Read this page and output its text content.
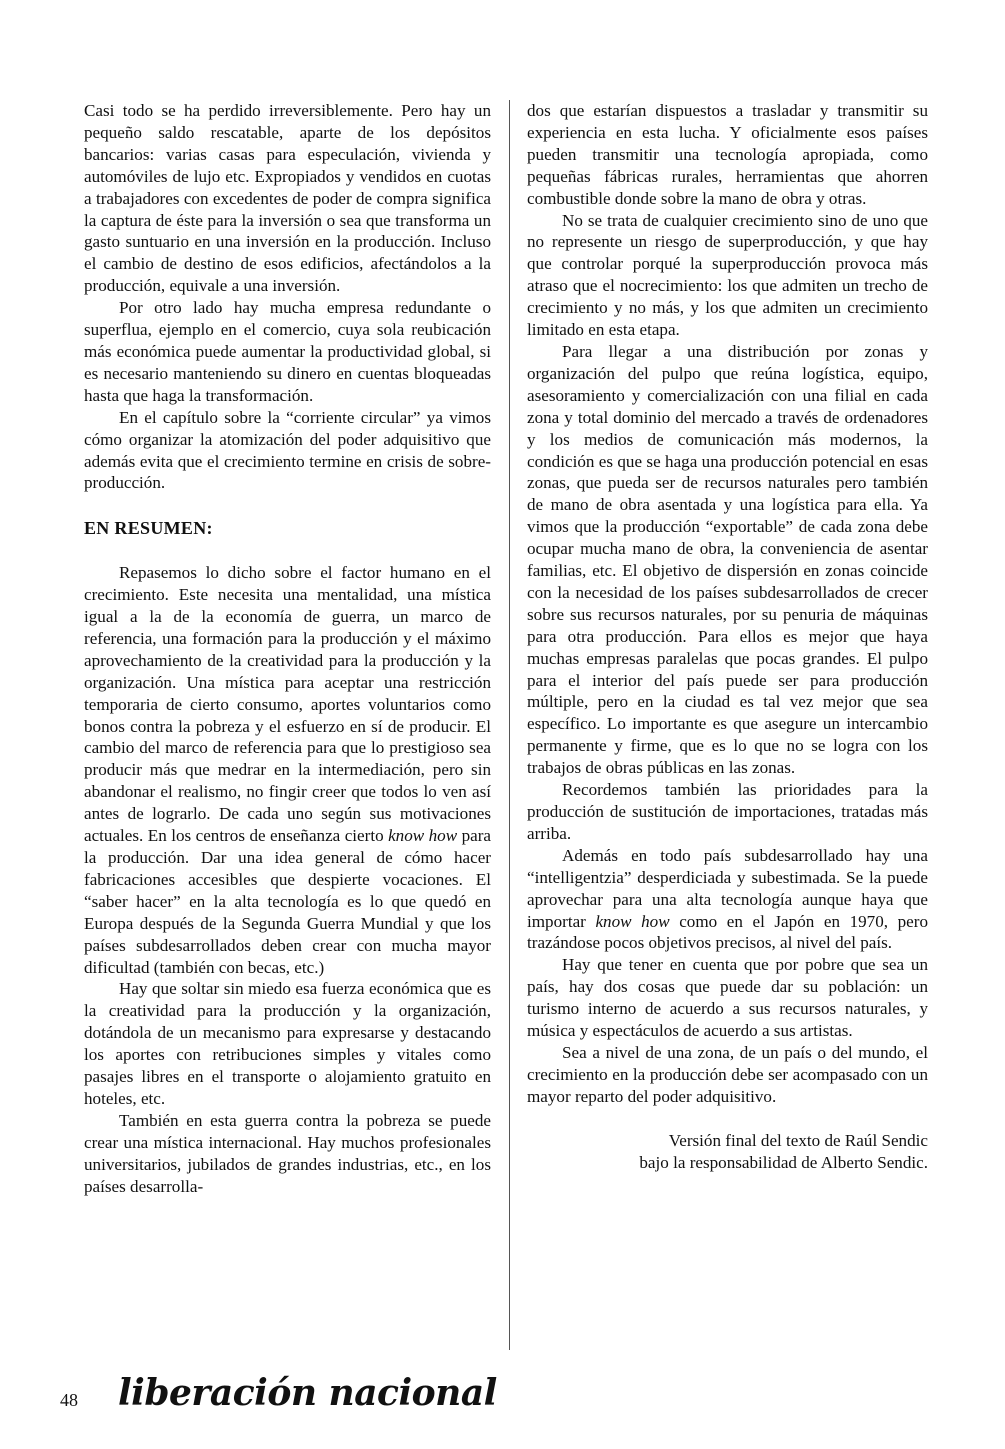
Casi todo se ha perdido irreversiblemente. Pero hay un pequeño saldo rescatable, aparte de los depósitos bancarios: varias casas para especulación, vivienda y automóviles de lujo etc. Expropiados y vendidos en cuotas a trabajadores con excedentes de poder de compra significa la captura de éste para la inversión o sea que transforma un gasto suntuario en una inversión en la producción. Incluso el cambio de destino de esos edificios, afectándolos a la producción, equivale a una inversión.

Por otro lado hay mucha empresa redundante o superflua, ejemplo en el comercio, cuya sola reubicación más económica puede aumentar la productividad global, si es necesario manteniendo su dinero en cuentas bloqueadas hasta que haga la transformación.

En el capítulo sobre la “corriente circular” ya vimos cómo organizar la atomización del poder adquisitivo que además evita que el crecimiento termine en crisis de sobre-producción.

EN RESUMEN:

Repasemos lo dicho sobre el factor humano en el crecimiento. Este necesita una mentalidad, una mística igual a la de la economía de guerra, un marco de referencia, una formación para la producción y el máximo aprovechamiento de la creatividad para la producción y la organización. Una mística para aceptar una restricción temporaria de cierto consumo, aportes voluntarios como bonos contra la pobreza y el esfuerzo en sí de producir. El cambio del marco de referencia para que lo prestigioso sea producir más que medrar en la intermediación, pero sin abandonar el realismo, no fingir creer que todos lo ven así antes de lograrlo. De cada uno según sus motivaciones actuales. En los centros de enseñanza cierto know how para la producción. Dar una idea general de cómo hacer fabricaciones accesibles que despierte vocaciones. El “saber hacer” en la alta tecnología es lo que quedó en Europa después de la Segunda Guerra Mundial y que los países subdesarrollados deben crear con mucha mayor dificultad (también con becas, etc.)

Hay que soltar sin miedo esa fuerza económica que es la creatividad para la producción y la organización, dotándola de un mecanismo para expresarse y destacando los aportes con retribuciones simples y vitales como pasajes libres en el transporte o alojamiento gratuito en hoteles, etc.

También en esta guerra contra la pobreza se puede crear una mística internacional. Hay muchos profesionales universitarios, jubilados de grandes industrias, etc., en los países desarrolla-

dos que estarían dispuestos a trasladar y transmitir su experiencia en esta lucha. Y oficialmente esos países pueden transmitir una tecnología apropiada, como pequeñas fábricas rurales, herramientas que ahorren combustible donde sobre la mano de obra y otras.

No se trata de cualquier crecimiento sino de uno que no represente un riesgo de superproducción, y que hay que controlar porqué la superproducción provoca más atraso que el nocrecimiento: los que admiten un trecho de crecimiento y no más, y los que admiten un crecimiento limitado en esta etapa.

Para llegar a una distribución por zonas y organización del pulpo que reúna logística, equipo, asesoramiento y comercialización con una filial en cada zona y total dominio del mercado a través de ordenadores y los medios de comunicación más modernos, la condición es que se haga una producción potencial en esas zonas, que pueda ser de recursos naturales pero también de mano de obra asentada y una logística para ella. Ya vimos que la producción “exportable” de cada zona debe ocupar mucha mano de obra, la conveniencia de asentar familias, etc. El objetivo de dispersión en zonas coincide con la necesidad de los países subdesarrollados de crecer sobre sus recursos naturales, por su penuria de máquinas para otra producción. Para ellos es mejor que haya muchas empresas paralelas que pocas grandes. El pulpo para el interior del país puede ser para producción múltiple, pero en la ciudad es tal vez mejor que sea específico. Lo importante es que asegure un intercambio permanente y firme, que es lo que no se logra con los trabajos de obras públicas en las zonas.

Recordemos también las prioridades para la producción de sustitución de importaciones, tratadas más arriba.

Además en todo país subdesarrollado hay una “intelligentzia” desperdiciada y subestimada. Se la puede aprovechar para una alta tecnología aunque haya que importar know how como en el Japón en 1970, pero trazándose pocos objetivos precisos, al nivel del país.

Hay que tener en cuenta que por pobre que sea un país, hay dos cosas que puede dar su población: un turismo interno de acuerdo a sus recursos naturales, y música y espectáculos de acuerdo a sus artistas.

Sea a nivel de una zona, de un país o del mundo, el crecimiento en la producción debe ser acompasado con un mayor reparto del poder adquisitivo.

Versión final del texto de Raúl Sendic
bajo la responsabilidad de Alberto Sendic.
48 liberación nacional
